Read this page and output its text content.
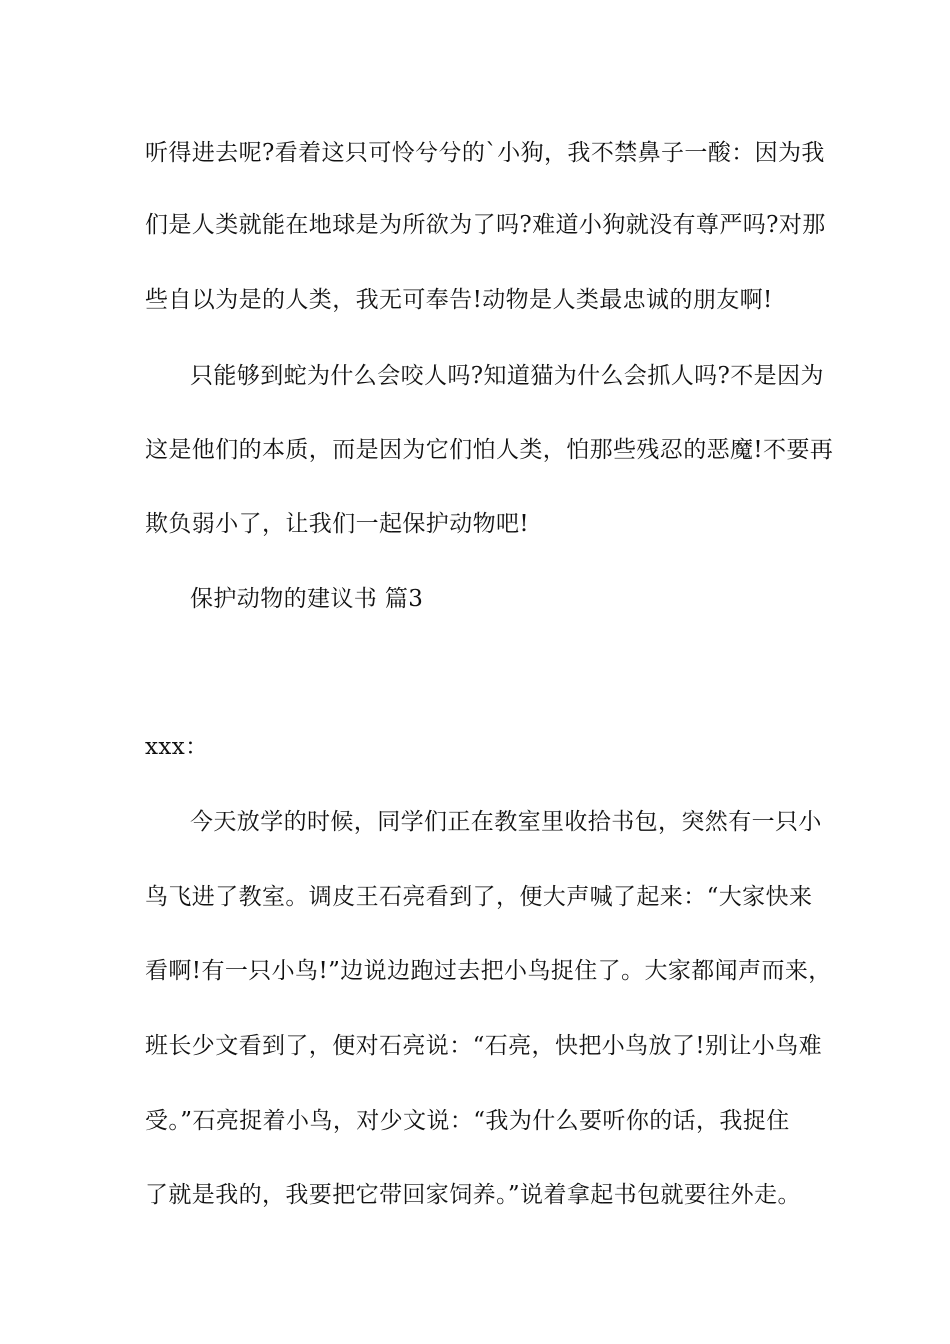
听得进去呢?看着这只可怜兮兮的`小狗，我不禁鼻子一酸：因为我
们是人类就能在地球是为所欲为了吗?难道小狗就没有尊严吗?对那
些自以为是的人类，我无可奉告!动物是人类最忠诚的朋友啊!
只能够到蛇为什么会咬人吗?知道猫为什么会抓人吗?不是因为
这是他们的本质，而是因为它们怕人类，怕那些残忍的恶魔!不要再
欺负弱小了，让我们一起保护动物吧!
保护动物的建议书 篇3
xxx：
今天放学的时候，同学们正在教室里收拾书包，突然有一只小
鸟飞进了教室。调皮王石亮看到了，便大声喊了起来：“大家快来
看啊!有一只小鸟!”边说边跑过去把小鸟捉住了。大家都闻声而来，
班长少文看到了，便对石亮说：“石亮，快把小鸟放了!别让小鸟难
受。”石亮捉着小鸟，对少文说：“我为什么要听你的话，我捉住
了就是我的，我要把它带回家饲养。”说着拿起书包就要往外走。
